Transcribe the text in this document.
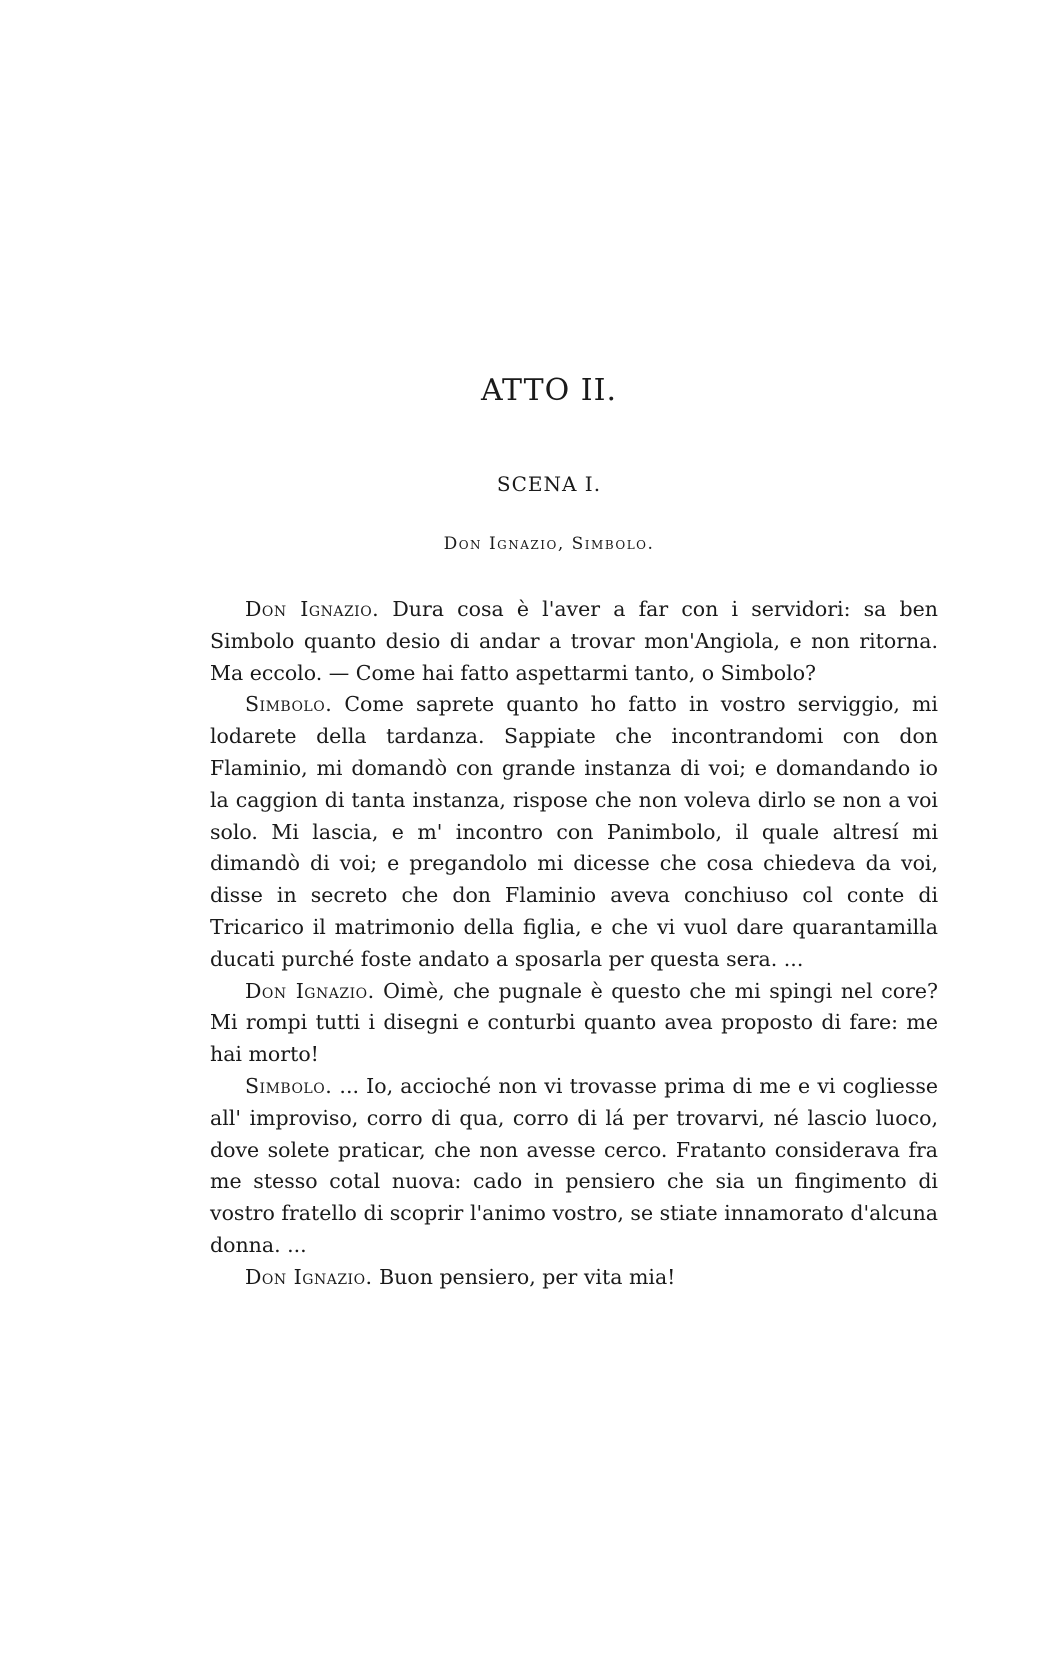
ATTO II.
SCENA I.
Don Ignazio, Simbolo.

Don Ignazio. Dura cosa è l'aver a far con i servidori: sa ben Simbolo quanto desio di andar a trovar mon'Angiola, e non ritorna. Ma eccolo. — Come hai fatto aspettarmi tanto, o Simbolo?

Simbolo. Come saprete quanto ho fatto in vostro serviggio, mi lodarete della tardanza. Sappiate che incontrandomi con don Flaminio, mi domandò con grande instanza di voi; e domandando io la caggion di tanta instanza, rispose che non voleva dirlo se non a voi solo. Mi lascia, e m' incontro con Panimbolo, il quale altresí mi dimandò di voi; e pregandolo mi dicesse che cosa chiedeva da voi, disse in secreto che don Flaminio aveva conchiuso col conte di Tricarico il matrimonio della figlia, e che vi vuol dare quarantamilla ducati purché foste andato a sposarla per questa sera. ...

Don Ignazio. Oimè, che pugnale è questo che mi spingi nel core? Mi rompi tutti i disegni e conturbi quanto avea proposto di fare: me hai morto!

Simbolo. ... Io, accioché non vi trovasse prima di me e vi cogliesse all' improviso, corro di qua, corro di lá per trovarvi, né lascio luoco, dove solete praticar, che non avesse cerco. Fratanto considerava fra me stesso cotal nuova: cado in pensiero che sia un fingimento di vostro fratello di scoprir l'animo vostro, se stiate innamorato d'alcuna donna. ...

Don Ignazio. Buon pensiero, per vita mia!
